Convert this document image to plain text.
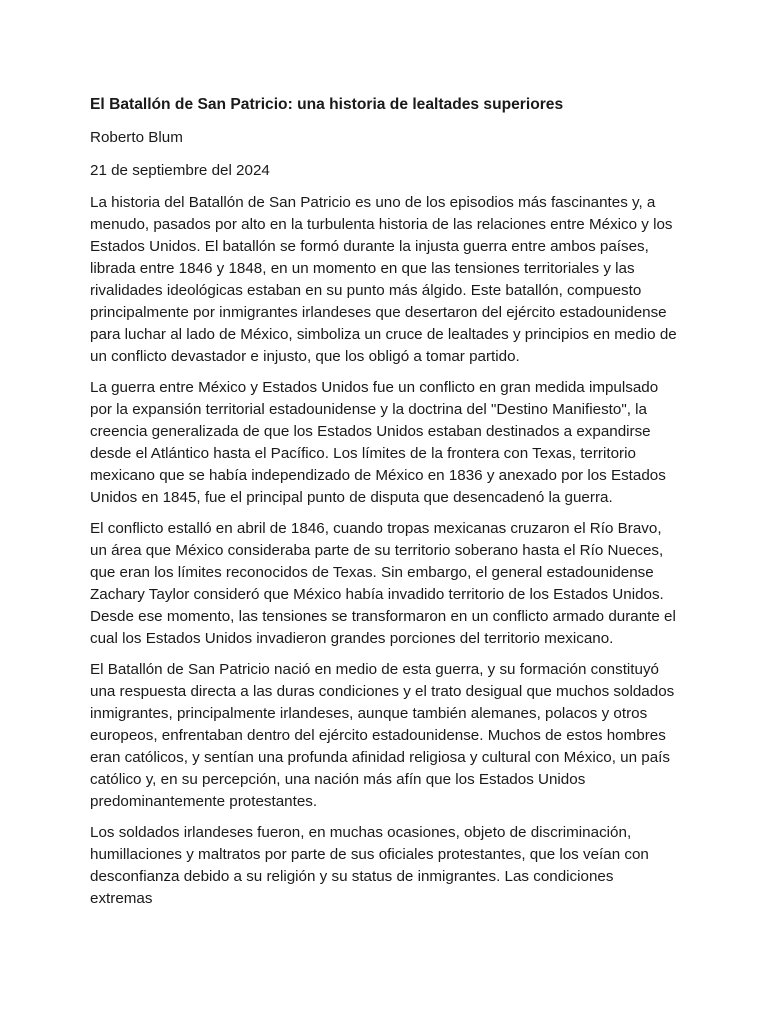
El Batallón de San Patricio: una historia de lealtades superiores
Roberto Blum
21 de septiembre del 2024

La historia del Batallón de San Patricio es uno de los episodios más fascinantes y, a menudo, pasados por alto en la turbulenta historia de las relaciones entre México y los Estados Unidos. El batallón se formó durante la injusta guerra entre ambos países, librada entre 1846 y 1848, en un momento en que las tensiones territoriales y las rivalidades ideológicas estaban en su punto más álgido. Este batallón, compuesto principalmente por inmigrantes irlandeses que desertaron del ejército estadounidense para luchar al lado de México, simboliza un cruce de lealtades y principios en medio de un conflicto devastador e injusto, que los obligó a tomar partido.

La guerra entre México y Estados Unidos fue un conflicto en gran medida impulsado por la expansión territorial estadounidense y la doctrina del "Destino Manifiesto", la creencia generalizada de que los Estados Unidos estaban destinados a expandirse desde el Atlántico hasta el Pacífico. Los límites de la frontera con Texas, territorio mexicano que se había independizado de México en 1836 y anexado por los Estados Unidos en 1845, fue el principal punto de disputa que desencadenó la guerra.

El conflicto estalló en abril de 1846, cuando tropas mexicanas cruzaron el Río Bravo, un área que México consideraba parte de su territorio soberano hasta el Río Nueces, que eran los límites reconocidos de Texas. Sin embargo, el general estadounidense Zachary Taylor consideró que México había invadido territorio de los Estados Unidos. Desde ese momento, las tensiones se transformaron en un conflicto armado durante el cual los Estados Unidos invadieron grandes porciones del territorio mexicano.

El Batallón de San Patricio nació en medio de esta guerra, y su formación constituyó una respuesta directa a las duras condiciones y el trato desigual que muchos soldados inmigrantes, principalmente irlandeses, aunque también alemanes, polacos y otros europeos, enfrentaban dentro del ejército estadounidense. Muchos de estos hombres eran católicos, y sentían una profunda afinidad religiosa y cultural con México, un país católico y, en su percepción, una nación más afín que los Estados Unidos predominantemente protestantes.

Los soldados irlandeses fueron, en muchas ocasiones, objeto de discriminación, humillaciones y maltratos por parte de sus oficiales protestantes, que los veían con desconfianza debido a su religión y su status de inmigrantes. Las condiciones extremas
